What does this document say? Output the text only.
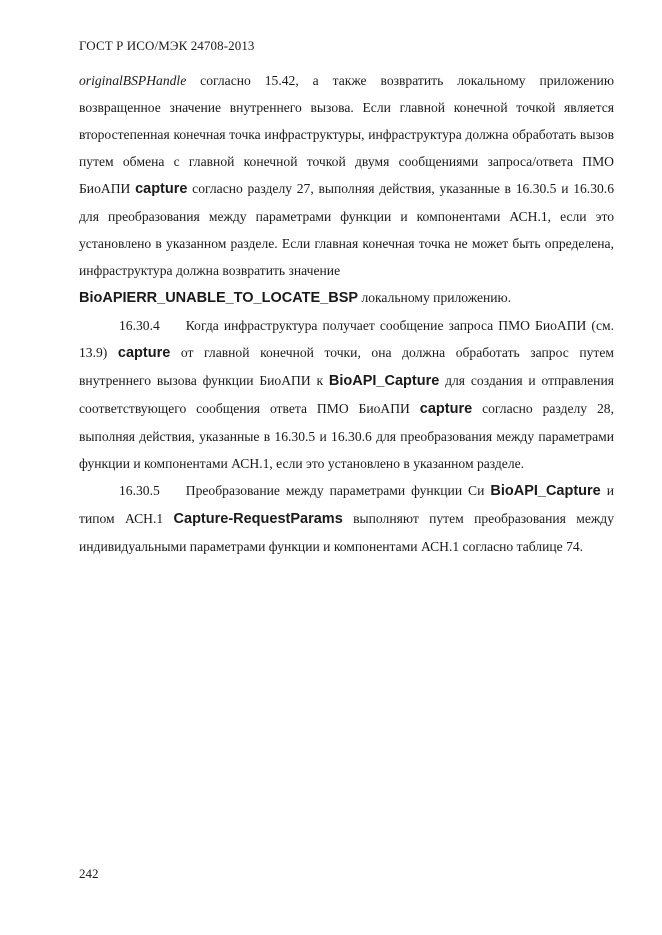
ГОСТ Р ИСО/МЭК 24708-2013

originalBSPHandle согласно 15.42, а также возвратить локальному приложению возвращенное значение внутреннего вызова. Если главной конечной точкой является второстепенная конечная точка инфраструктуры, инфраструктура должна обработать вызов путем обмена с главной конечной точкой двумя сообщениями запроса/ответа ПМО БиоАПИ capture согласно разделу 27, выполняя действия, указанные в 16.30.5 и 16.30.6 для преобразования между параметрами функции и компонентами АСН.1, если это установлено в указанном разделе. Если главная конечная точка не может быть определена, инфраструктура должна возвратить значение
BioAPIERR_UNABLE_TO_LOCATE_BSP локальному приложению.

16.30.4 Когда инфраструктура получает сообщение запроса ПМО БиоАПИ (см. 13.9) capture от главной конечной точки, она должна обработать запрос путем внутреннего вызова функции БиоАПИ к BioAPI_Capture для создания и отправления соответствующего сообщения ответа ПМО БиоАПИ capture согласно разделу 28, выполняя действия, указанные в 16.30.5 и 16.30.6 для преобразования между параметрами функции и компонентами АСН.1, если это установлено в указанном разделе.

16.30.5 Преобразование между параметрами функции Си BioAPI_Capture и типом АСН.1 Capture-RequestParams выполняют путем преобразования между индивидуальными параметрами функции и компонентами АСН.1 согласно таблице 74.

242
